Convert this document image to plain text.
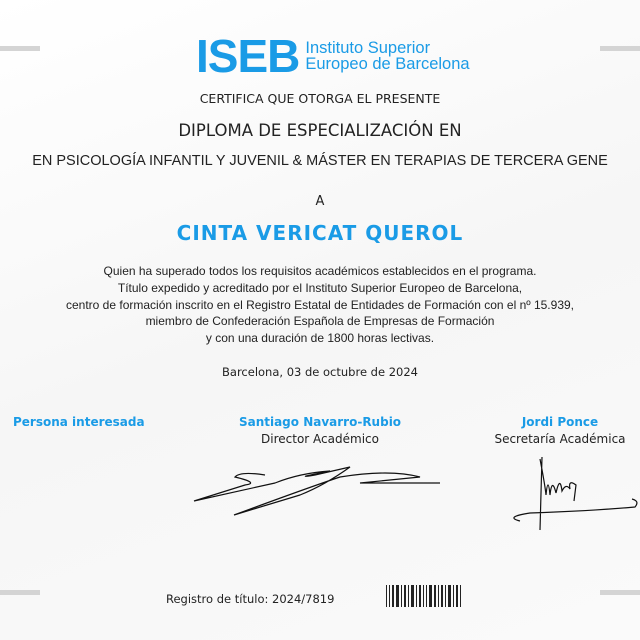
ISEB Instituto Superior
Europeo de Barcelona
CERTIFICA QUE OTORGA EL PRESENTE
DIPLOMA DE ESPECIALIZACIÓN EN
EN PSICOLOGÍA INFANTIL Y JUVENIL & MÁSTER EN TERAPIAS DE TERCERA GENE
A
CINTA VERICAT QUEROL
Quien ha superado todos los requisitos académicos establecidos en el programa.
Título expedido y acreditado por el Instituto Superior Europeo de Barcelona,
centro de formación inscrito en el Registro Estatal de Entidades de Formación con el nº 15.939,
miembro de Confederación Española de Empresas de Formación
y con una duración de 1800 horas lectivas.
Barcelona, 03 de octubre de 2024
Persona interesada	Santiago Navarro-Rubio
Director Académico
Jordi Ponce
Secretaría Académica
Registro de título: 2024/7819
